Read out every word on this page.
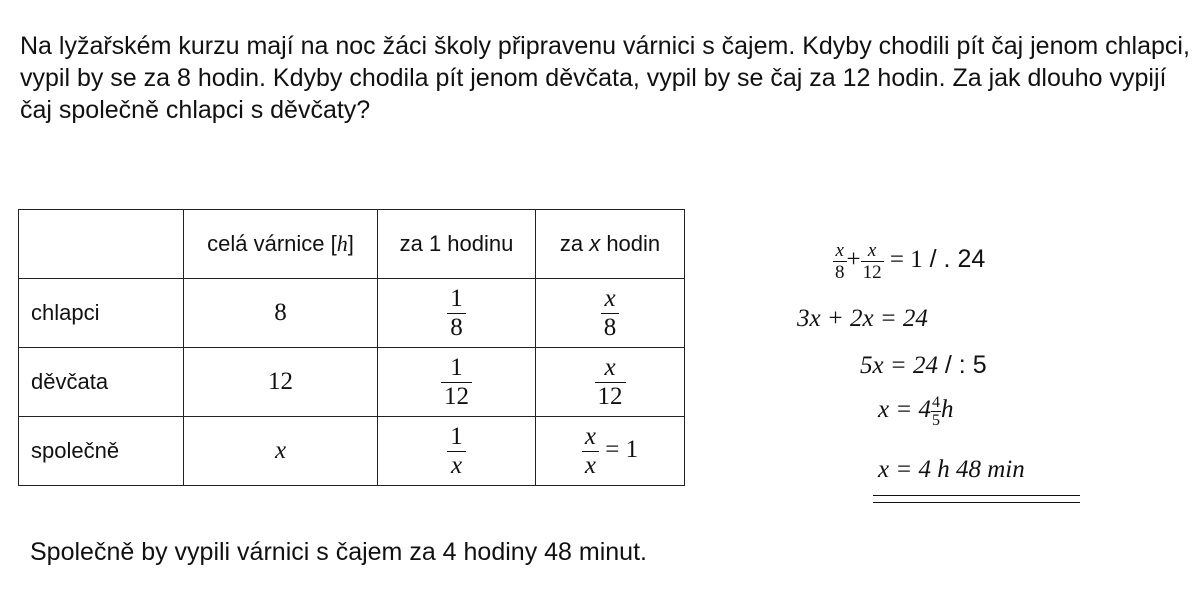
Na lyžařském kurzu mají na noc žáci školy připravenu várnici s čajem. Kdyby chodili pít čaj jenom chlapci, vypil by se za 8 hodin. Kdyby chodila pít jenom děvčata, vypil by se čaj za 12 hodin. Za jak dlouho vypijí čaj společně chlapci s děvčaty?

	celá várnice [h]	za 1 hodinu	za x hodin
chlapci	8	$\frac{1}{8}$	$\frac{x}{8}$

děvčata	12	$\frac{1}{12}$	$\frac{x}{12}$

společně	x	$\frac{1}{x}$	$\frac{x}{x} = 1$
$\frac{x}{8} + \frac{x}{12} = 1$ / . 24
3x + 2x = 24
5x = 24 / : 5
$x = 4 \frac{4}{5}$ h
x = 4 h 48 min

Společně by vypili várnici s čajem za 4 hodiny 48 minut.
